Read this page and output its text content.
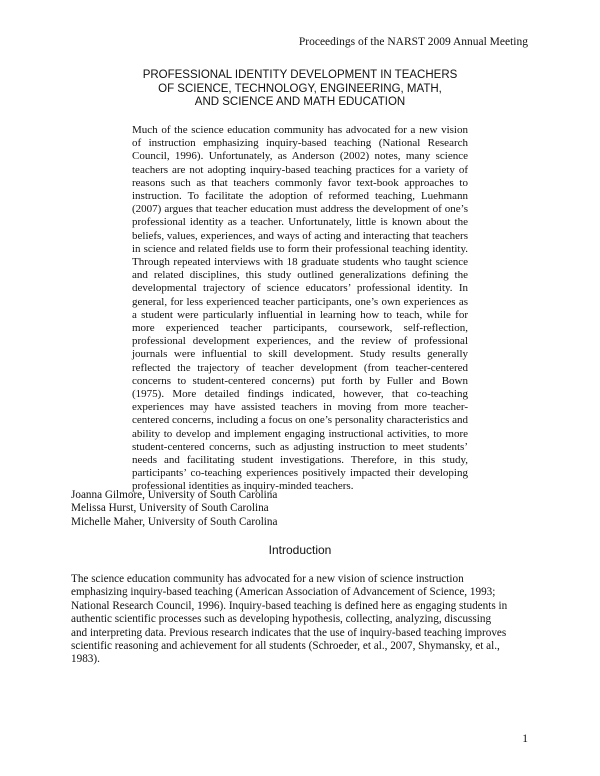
Proceedings of the NARST 2009 Annual Meeting
PROFESSIONAL IDENTITY DEVELOPMENT IN TEACHERS
OF SCIENCE, TECHNOLOGY, ENGINEERING, MATH,
AND SCIENCE AND MATH EDUCATION
Much of the science education community has advocated for a new vision of instruction emphasizing inquiry-based teaching (National Research Council, 1996). Unfortunately, as Anderson (2002) notes, many science teachers are not adopting inquiry-based teaching practices for a variety of reasons such as that teachers commonly favor text-book approaches to instruction. To facilitate the adoption of reformed teaching, Luehmann (2007) argues that teacher education must address the development of one’s professional identity as a teacher. Unfortunately, little is known about the beliefs, values, experiences, and ways of acting and interacting that teachers in science and related fields use to form their professional teaching identity. Through repeated interviews with 18 graduate students who taught science and related disciplines, this study outlined generalizations defining the developmental trajectory of science educators’ professional identity. In general, for less experienced teacher participants, one’s own experiences as a student were particularly influential in learning how to teach, while for more experienced teacher participants, coursework, self-reflection, professional development experiences, and the review of professional journals were influential to skill development. Study results generally reflected the trajectory of teacher development (from teacher-centered concerns to student-centered concerns) put forth by Fuller and Bown (1975). More detailed findings indicated, however, that co-teaching experiences may have assisted teachers in moving from more teacher-centered concerns, including a focus on one’s personality characteristics and ability to develop and implement engaging instructional activities, to more student-centered concerns, such as adjusting instruction to meet students’ needs and facilitating student investigations. Therefore, in this study, participants’ co-teaching experiences positively impacted their developing professional identities as inquiry-minded teachers.
Joanna Gilmore, University of South Carolina
Melissa Hurst, University of South Carolina
Michelle Maher, University of South Carolina
Introduction
The science education community has advocated for a new vision of science instruction
emphasizing inquiry-based teaching (American Association of Advancement of Science, 1993;
National Research Council, 1996). Inquiry-based teaching is defined here as engaging students in
authentic scientific processes such as developing hypothesis, collecting, analyzing, discussing
and interpreting data. Previous research indicates that the use of inquiry-based teaching improves
scientific reasoning and achievement for all students (Schroeder, et al., 2007, Shymansky, et al.,
1983).
1
